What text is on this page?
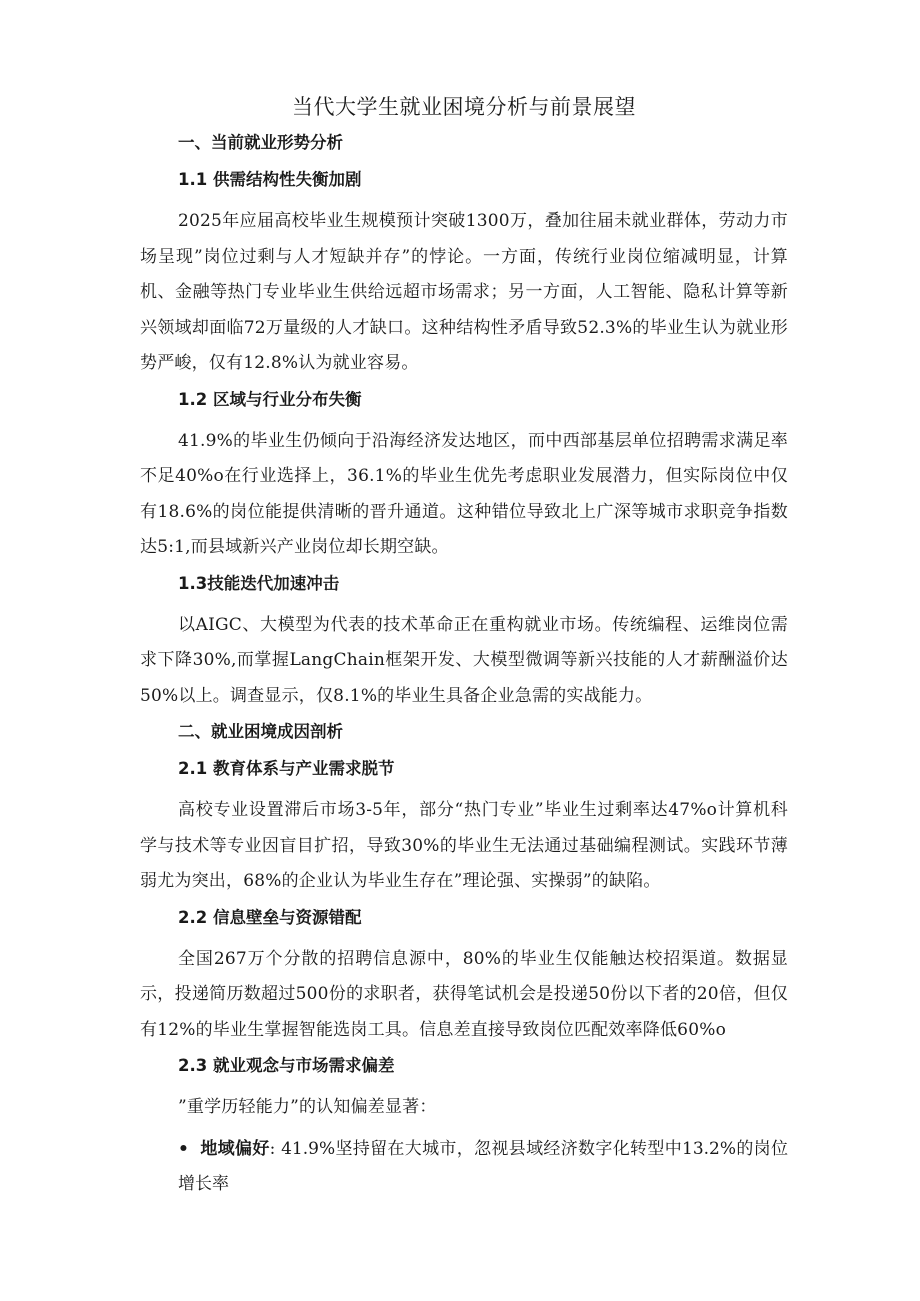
当代大学生就业困境分析与前景展望
一、当前就业形势分析
1.1 供需结构性失衡加剧

2025年应届高校毕业生规模预计突破1300万，叠加往届未就业群体，劳动力市场呈现”岗位过剩与人才短缺并存”的悖论。一方面，传统行业岗位缩减明显，计算机、金融等热门专业毕业生供给远超市场需求；另一方面，人工智能、隐私计算等新兴领域却面临72万量级的人才缺口。这种结构性矛盾导致52.3%的毕业生认为就业形势严峻，仅有12.8%认为就业容易。

1.2 区域与行业分布失衡

41.9%的毕业生仍倾向于沿海经济发达地区，而中西部基层单位招聘需求满足率不足40%o在行业选择上，36.1%的毕业生优先考虑职业发展潜力，但实际岗位中仅有18.6%的岗位能提供清晰的晋升通道。这种错位导致北上广深等城市求职竞争指数达5:1,而县域新兴产业岗位却长期空缺。

1.3技能迭代加速冲击

以AIGC、大模型为代表的技术革命正在重构就业市场。传统编程、运维岗位需求下降30%,而掌握LangChain框架开发、大模型微调等新兴技能的人才薪酬溢价达50%以上。调查显示，仅8.1%的毕业生具备企业急需的实战能力。

二、就业困境成因剖析
2.1 教育体系与产业需求脱节

高校专业设置滞后市场3-5年，部分“热门专业”毕业生过剩率达47%o计算机科学与技术等专业因盲目扩招，导致30%的毕业生无法通过基础编程测试。实践环节薄弱尤为突出，68%的企业认为毕业生存在”理论强、实操弱”的缺陷。

2.2 信息壁垒与资源错配

全国267万个分散的招聘信息源中，80%的毕业生仅能触达校招渠道。数据显示，投递简历数超过500份的求职者，获得笔试机会是投递50份以下者的20倍，但仅有12%的毕业生掌握智能选岗工具。信息差直接导致岗位匹配效率降低60%o

2.3 就业观念与市场需求偏差

”重学历轻能力”的认知偏差显著：

• 地域偏好: 41.9%坚持留在大城市，忽视县域经济数字化转型中13.2%的岗位增长率
